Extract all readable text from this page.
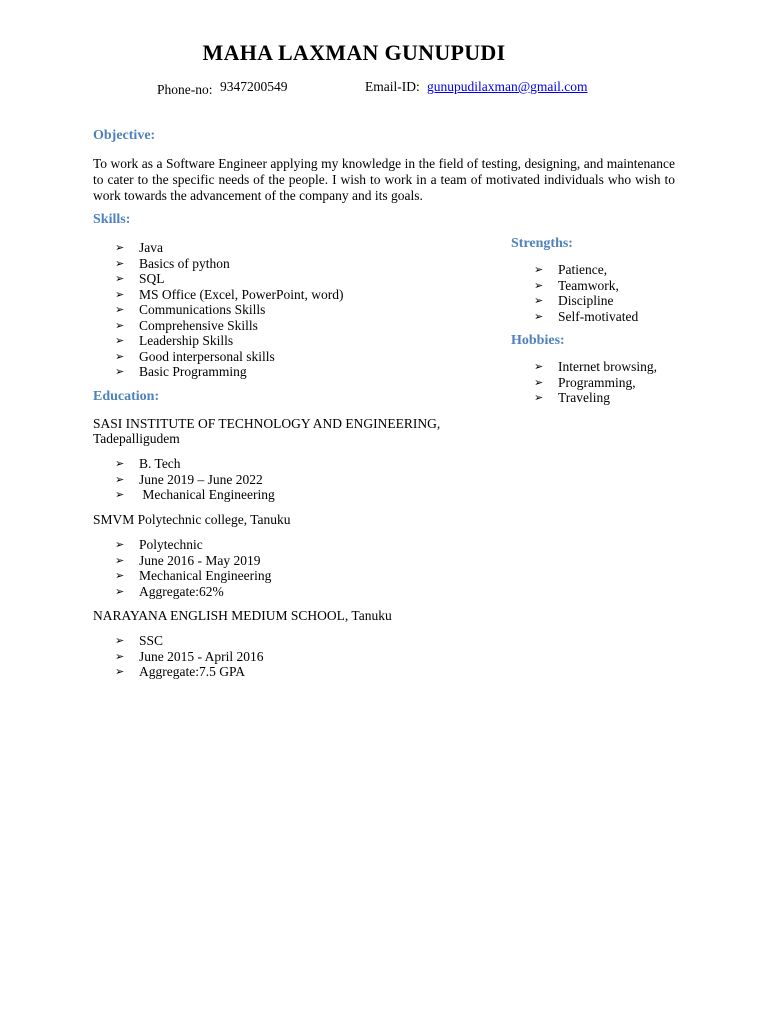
MAHA LAXMAN GUNUPUDI
Phone-no: 9347200549	Email-ID: gunupudilaxman@gmail.com
Objective:
To work as a Software Engineer applying my knowledge in the field of testing, designing, and maintenance to cater to the specific needs of the people. I wish to work in a team of motivated individuals who wish to work towards the advancement of the company and its goals.
Skills:
➢ Java
➢ Basics of python
➢ SQL
➢ MS Office (Excel, PowerPoint, word)
➢ Communications Skills
➢ Comprehensive Skills
➢ Leadership Skills
➢ Good interpersonal skills
➢ Basic Programming
Strengths:
➢ Patience,
➢ Teamwork,
➢ Discipline
➢ Self-motivated
Hobbies:
➢ Internet browsing,
➢ Programming,
➢ Traveling
Education:
SASI INSTITUTE OF TECHNOLOGY AND ENGINEERING,
Tadepalligudem
➢ B. Tech
➢ June 2019 – June 2022
➢ Mechanical Engineering
SMVM Polytechnic college, Tanuku
➢ Polytechnic
➢ June 2016 - May 2019
➢ Mechanical Engineering
➢ Aggregate:62%
NARAYANA ENGLISH MEDIUM SCHOOL, Tanuku
➢ SSC
➢ June 2015 - April 2016
➢ Aggregate:7.5 GPA
